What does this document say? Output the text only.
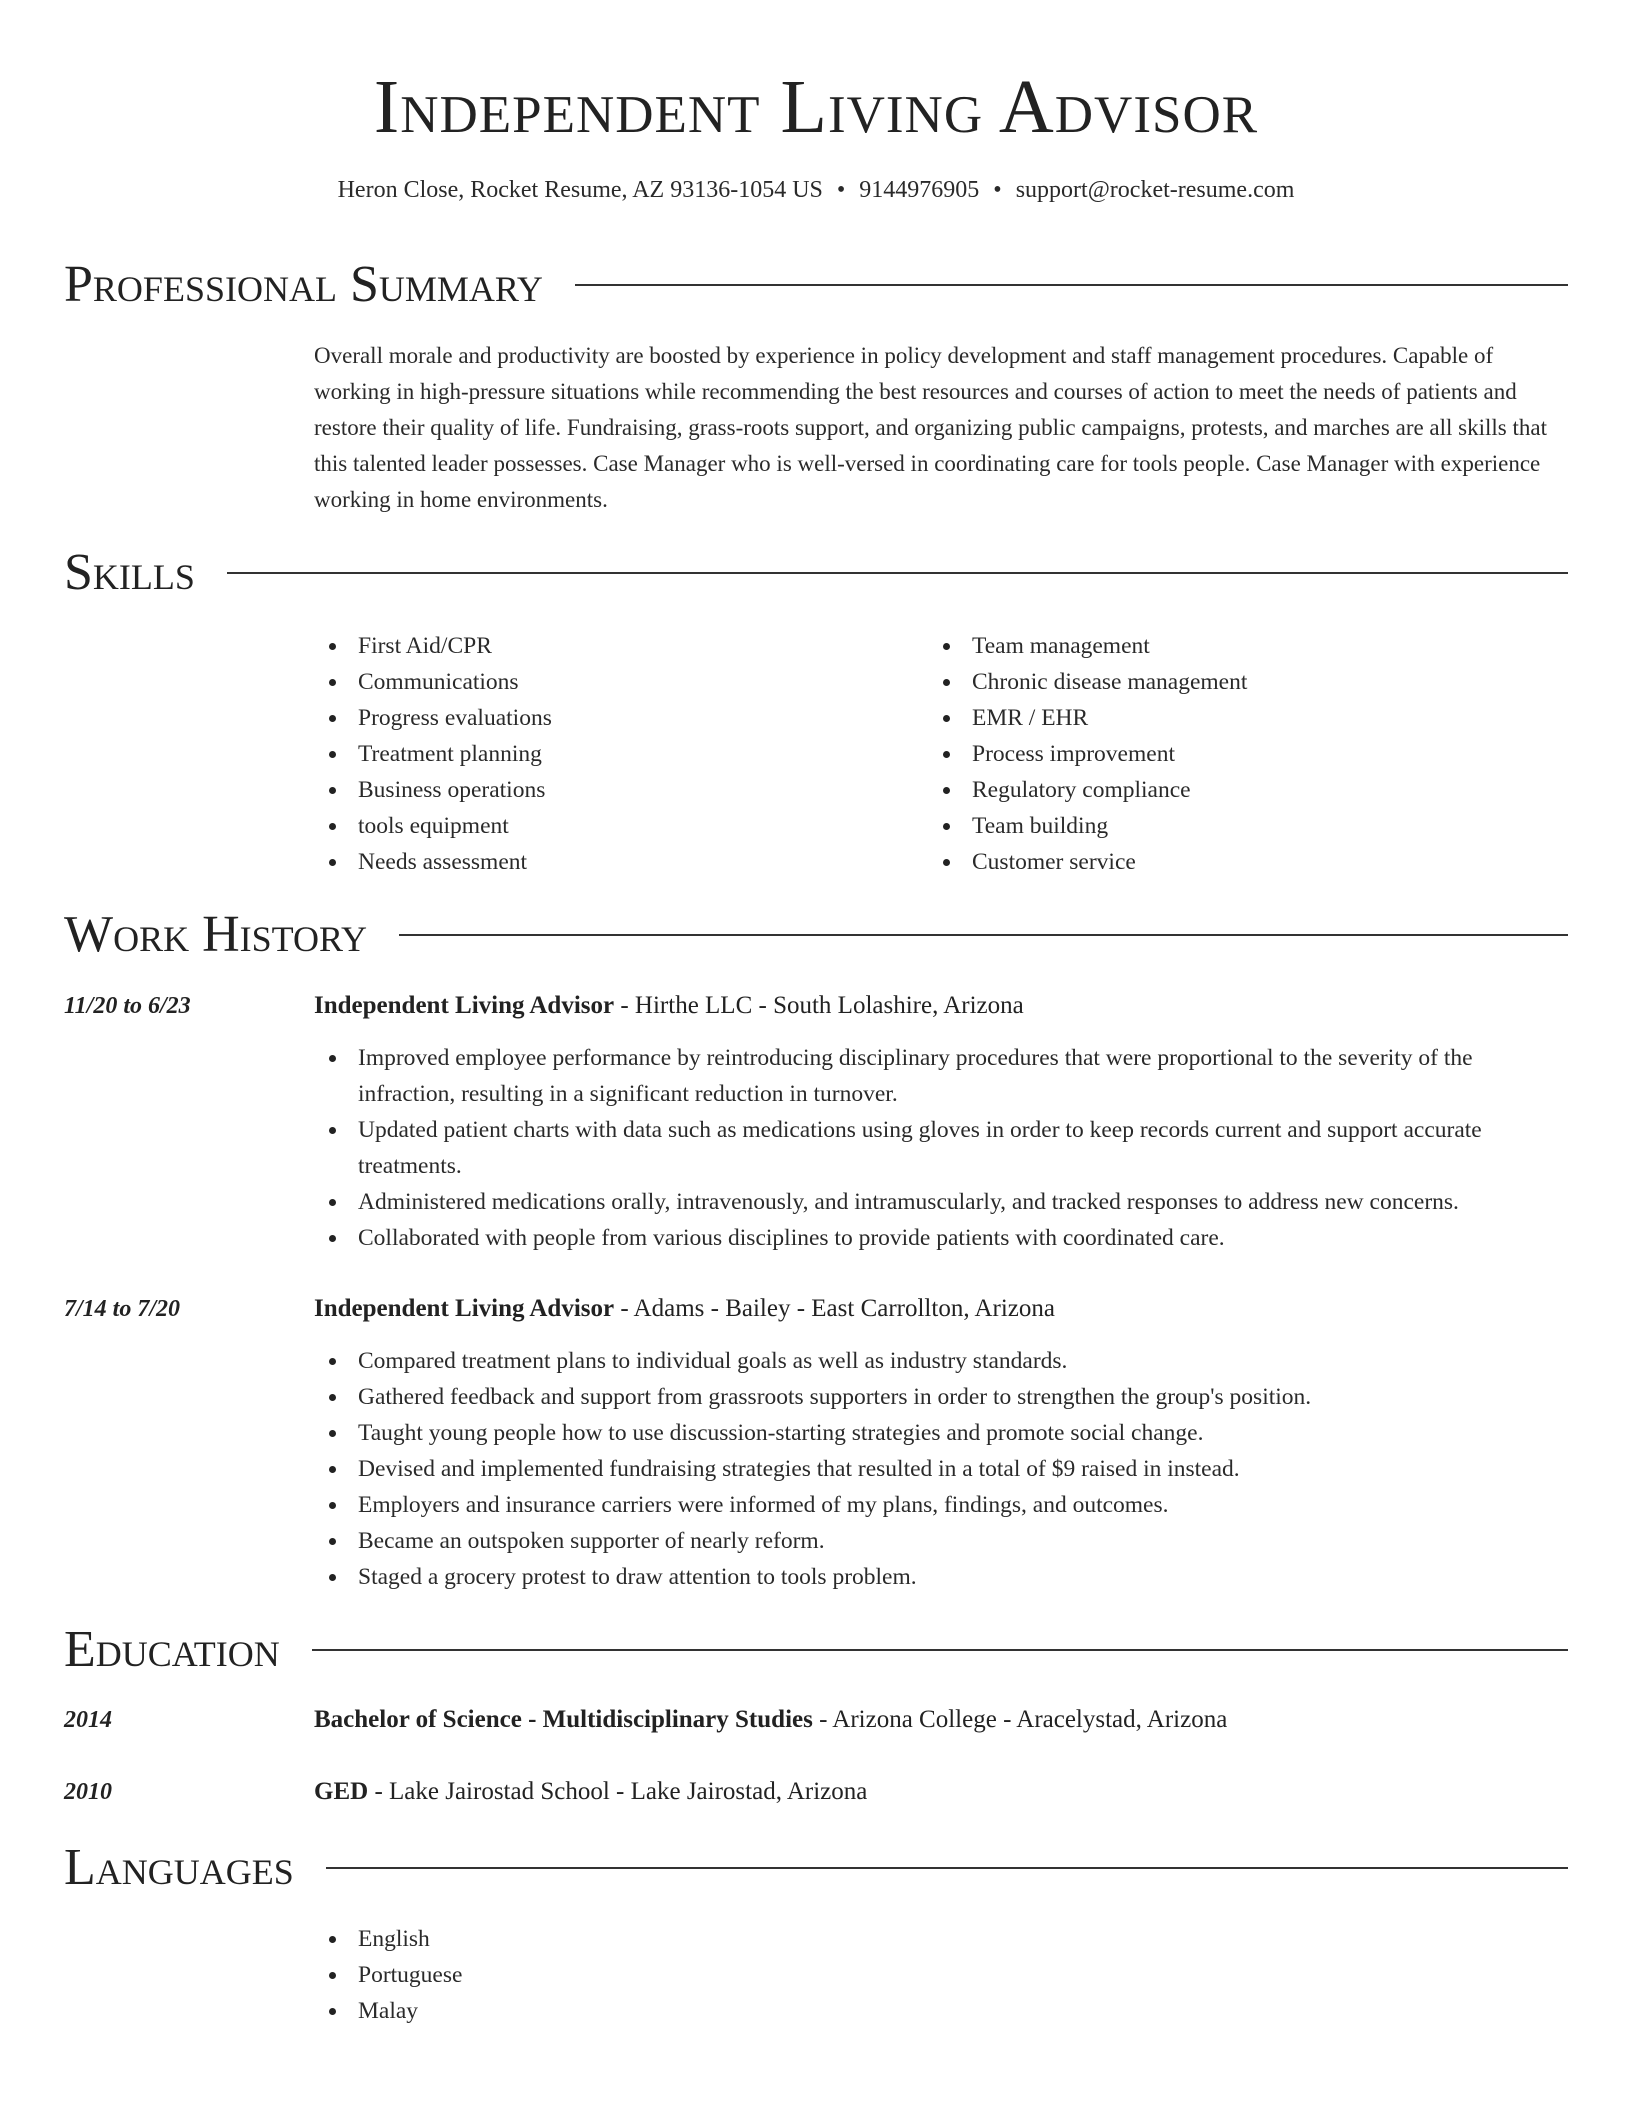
Independent Living Advisor
Heron Close, Rocket Resume, AZ 93136-1054 US • 9144976905 • support@rocket-resume.com
Professional Summary
Overall morale and productivity are boosted by experience in policy development and staff management procedures. Capable of working in high-pressure situations while recommending the best resources and courses of action to meet the needs of patients and restore their quality of life. Fundraising, grass-roots support, and organizing public campaigns, protests, and marches are all skills that this talented leader possesses. Case Manager who is well-versed in coordinating care for tools people. Case Manager with experience working in home environments.
Skills
First Aid/CPR
Communications
Progress evaluations
Treatment planning
Business operations
tools equipment
Needs assessment
Team management
Chronic disease management
EMR / EHR
Process improvement
Regulatory compliance
Team building
Customer service
Work History
11/20 to 6/23	Independent Living Advisor - Hirthe LLC - South Lolashire, Arizona
Improved employee performance by reintroducing disciplinary procedures that were proportional to the severity of the infraction, resulting in a significant reduction in turnover.
Updated patient charts with data such as medications using gloves in order to keep records current and support accurate treatments.
Administered medications orally, intravenously, and intramuscularly, and tracked responses to address new concerns.
Collaborated with people from various disciplines to provide patients with coordinated care.
7/14 to 7/20	Independent Living Advisor - Adams - Bailey - East Carrollton, Arizona
Compared treatment plans to individual goals as well as industry standards.
Gathered feedback and support from grassroots supporters in order to strengthen the group's position.
Taught young people how to use discussion-starting strategies and promote social change.
Devised and implemented fundraising strategies that resulted in a total of $9 raised in instead.
Employers and insurance carriers were informed of my plans, findings, and outcomes.
Became an outspoken supporter of nearly reform.
Staged a grocery protest to draw attention to tools problem.
Education
2014	Bachelor of Science - Multidisciplinary Studies - Arizona College - Aracelystad, Arizona
2010	GED - Lake Jairostad School - Lake Jairostad, Arizona
Languages
English
Portuguese
Malay
